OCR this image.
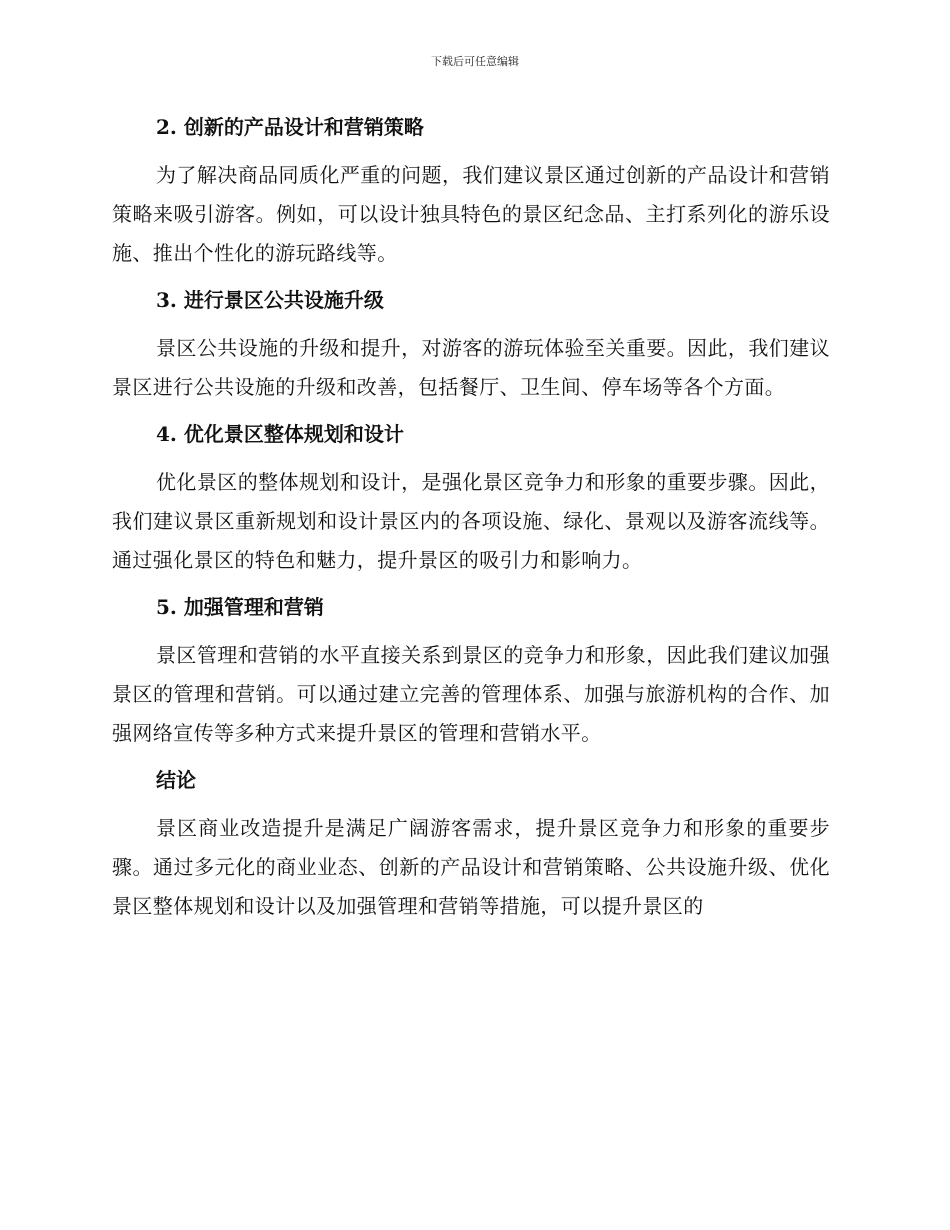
下载后可任意编辑
2. 创新的产品设计和营销策略
为了解决商品同质化严重的问题，我们建议景区通过创新的产品设计和营销策略来吸引游客。例如，可以设计独具特色的景区纪念品、主打系列化的游乐设施、推出个性化的游玩路线等。
3. 进行景区公共设施升级
景区公共设施的升级和提升，对游客的游玩体验至关重要。因此，我们建议景区进行公共设施的升级和改善，包括餐厅、卫生间、停车场等各个方面。
4. 优化景区整体规划和设计
优化景区的整体规划和设计，是强化景区竞争力和形象的重要步骤。因此，我们建议景区重新规划和设计景区内的各项设施、绿化、景观以及游客流线等。通过强化景区的特色和魅力，提升景区的吸引力和影响力。
5. 加强管理和营销
景区管理和营销的水平直接关系到景区的竞争力和形象，因此我们建议加强景区的管理和营销。可以通过建立完善的管理体系、加强与旅游机构的合作、加强网络宣传等多种方式来提升景区的管理和营销水平。
结论
景区商业改造提升是满足广阔游客需求，提升景区竞争力和形象的重要步骤。通过多元化的商业业态、创新的产品设计和营销策略、公共设施升级、优化景区整体规划和设计以及加强管理和营销等措施，可以提升景区的
